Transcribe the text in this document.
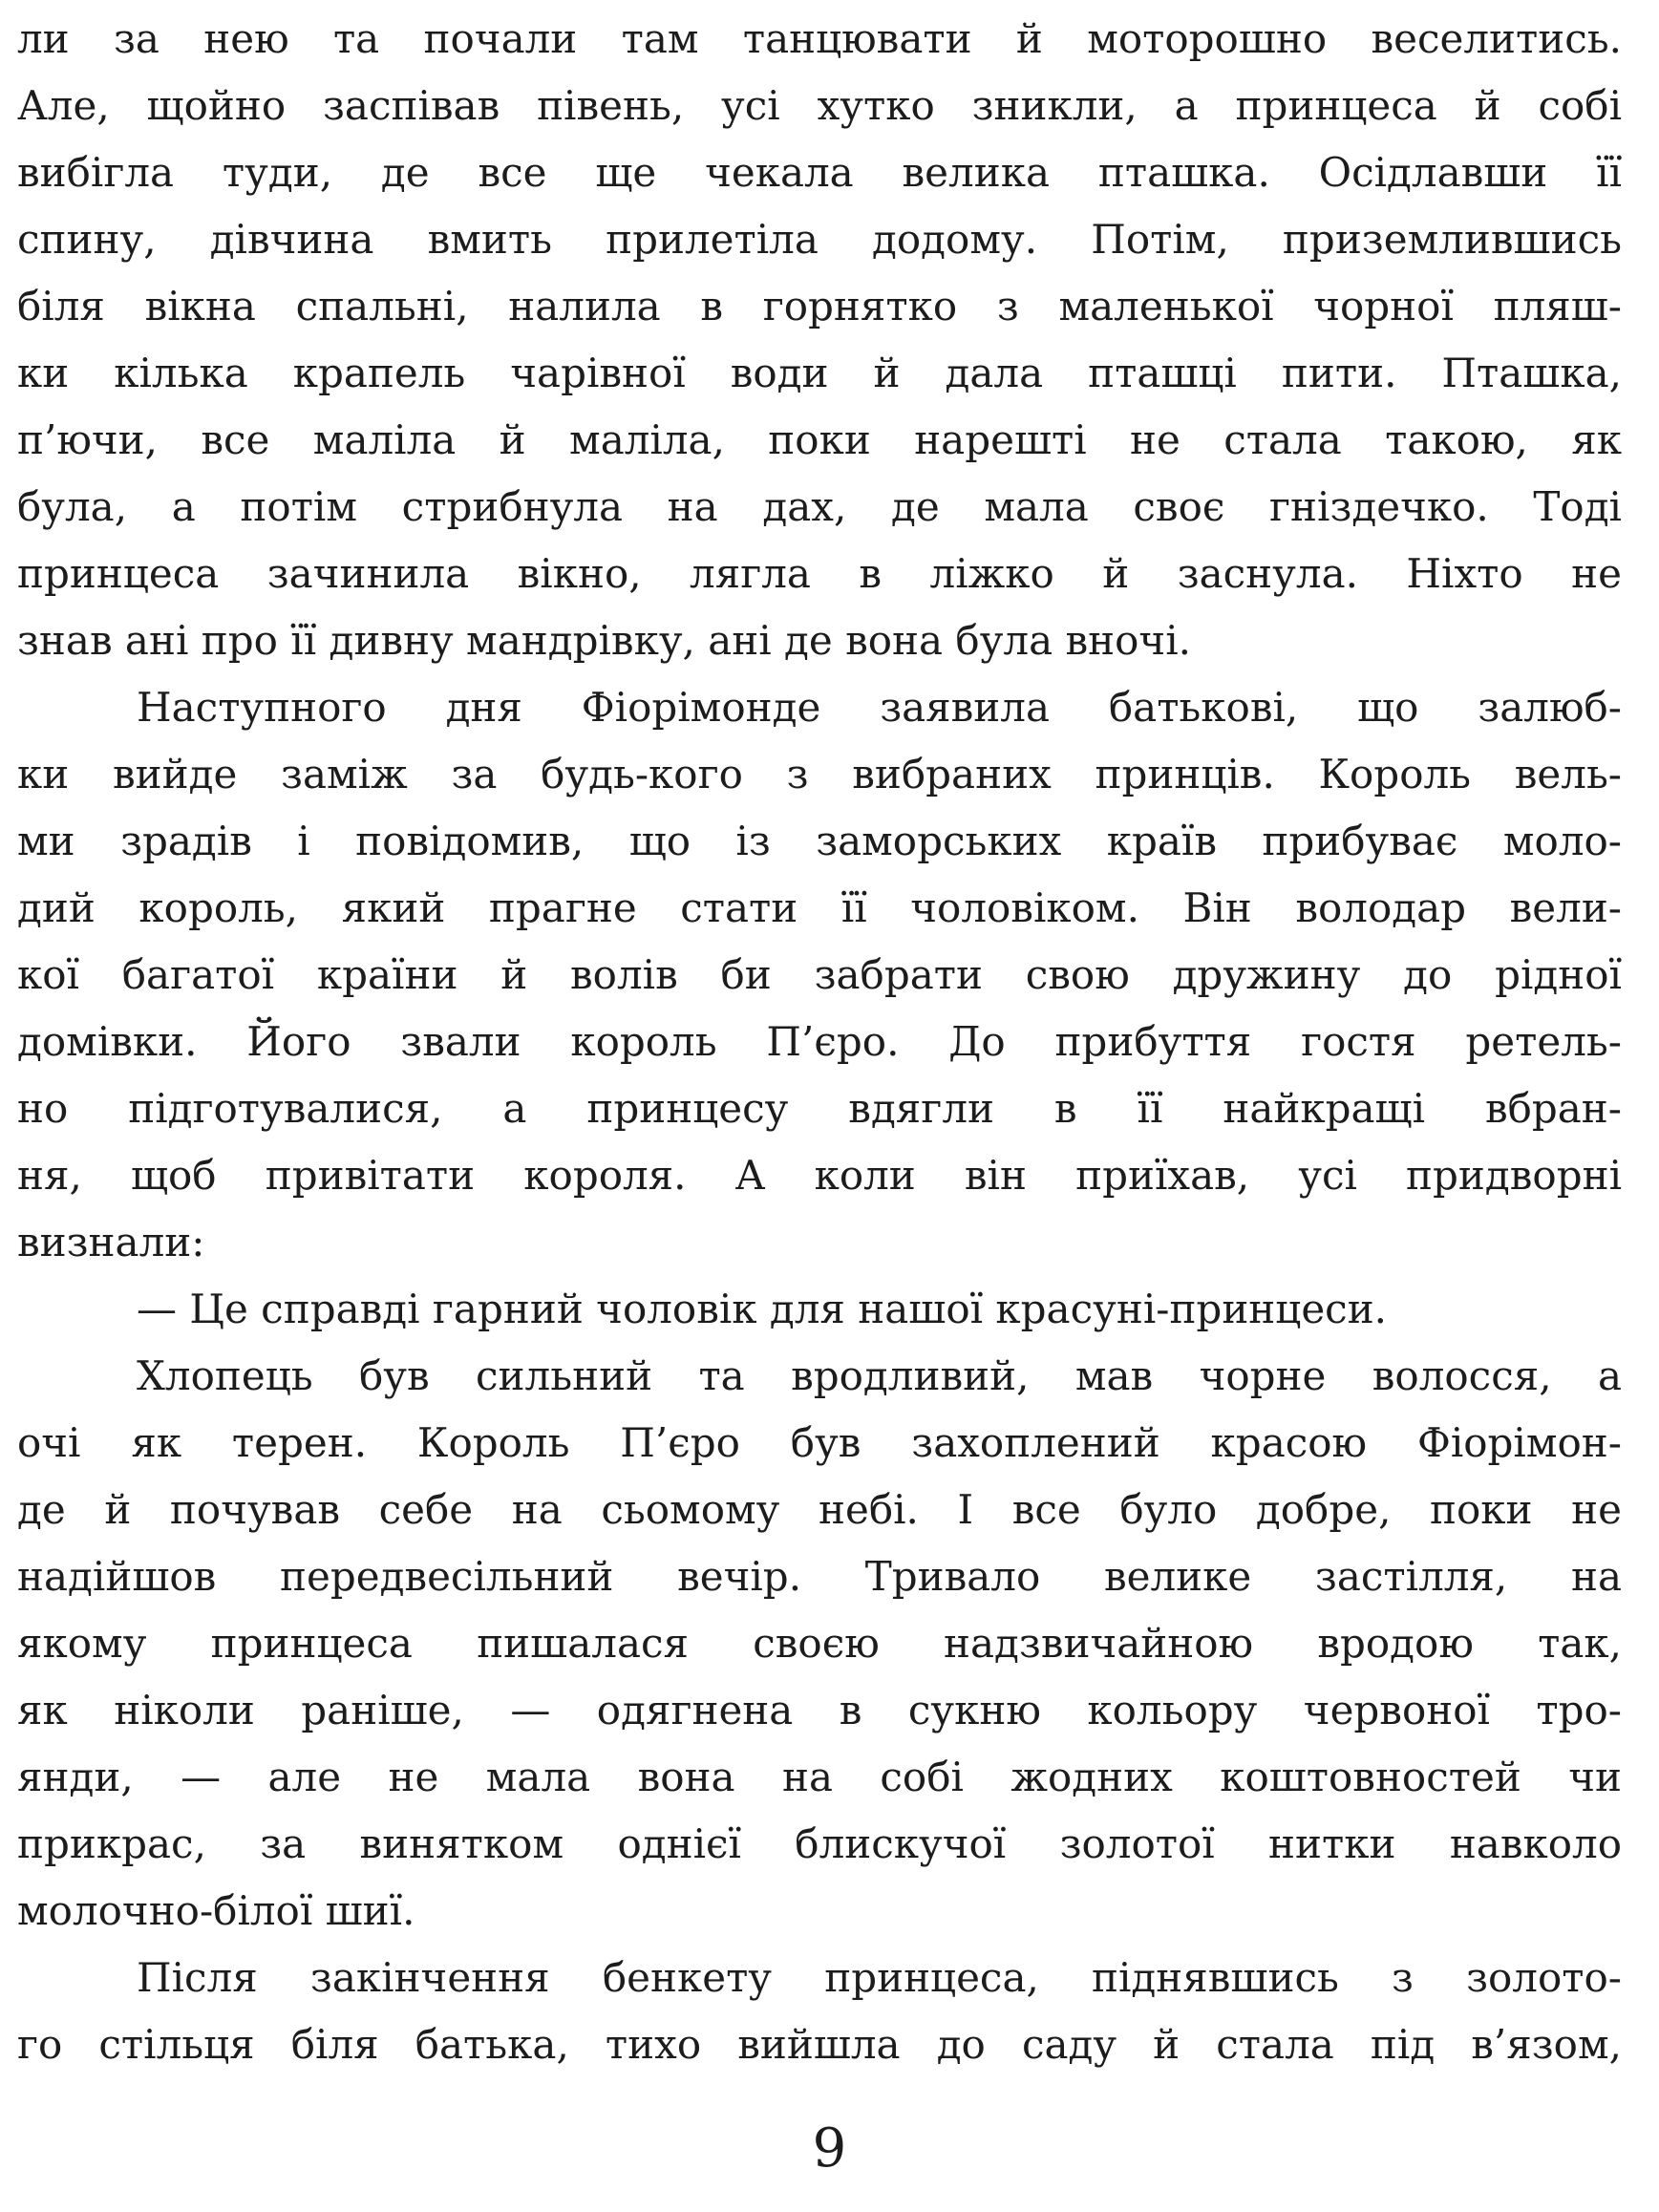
ли за нею та почали там танцювати й моторошно веселитись.
Але, щойно заспівав півень, усі хутко зникли, а принцеса й собі
вибігла туди, де все ще чекала велика пташка. Осідлавши її
спину, дівчина вмить прилетіла додому. Потім, приземлившись
біля вікна спальні, налила в горнятко з маленької чорної пляш-
ки кілька крапель чарівної води й дала пташці пити. Пташка,
п’ючи, все маліла й маліла, поки нарешті не стала такою, як
була, а потім стрибнула на дах, де мала своє гніздечко. Тоді
принцеса зачинила вікно, лягла в ліжко й заснула. Ніхто не
знав ані про її дивну мандрівку, ані де вона була вночі.
Наступного дня Фіорімонде заявила батькові, що залюб-
ки вийде заміж за будь-кого з вибраних принців. Король вель-
ми зрадів і повідомив, що із заморських країв прибуває моло-
дий король, який прагне стати її чоловіком. Він володар вели-
кої багатої країни й волів би забрати свою дружину до рідної
домівки. Його звали король П’єро. До прибуття гостя ретель-
но підготувалися, а принцесу вдягли в її найкращі вбран-
ня, щоб привітати короля. А коли він приїхав, усі придворні
визнали:
— Це справді гарний чоловік для нашої красуні-принцеси.
Хлопець був сильний та вродливий, мав чорне волосся, а
очі як терен. Король П’єро був захоплений красою Фіорімон-
де й почував себе на сьомому небі. І все було добре, поки не
надійшов передвесільний вечір. Тривало велике застілля, на
якому принцеса пишалася своєю надзвичайною вродою так,
як ніколи раніше, — одягнена в сукню кольору червоної тро-
янди, — але не мала вона на собі жодних коштовностей чи
прикрас, за винятком однієї блискучої золотої нитки навколо
молочно-білої шиї.
Після закінчення бенкету принцеса, піднявшись з золото-
го стільця біля батька, тихо вийшла до саду й стала під в’язом,
9
